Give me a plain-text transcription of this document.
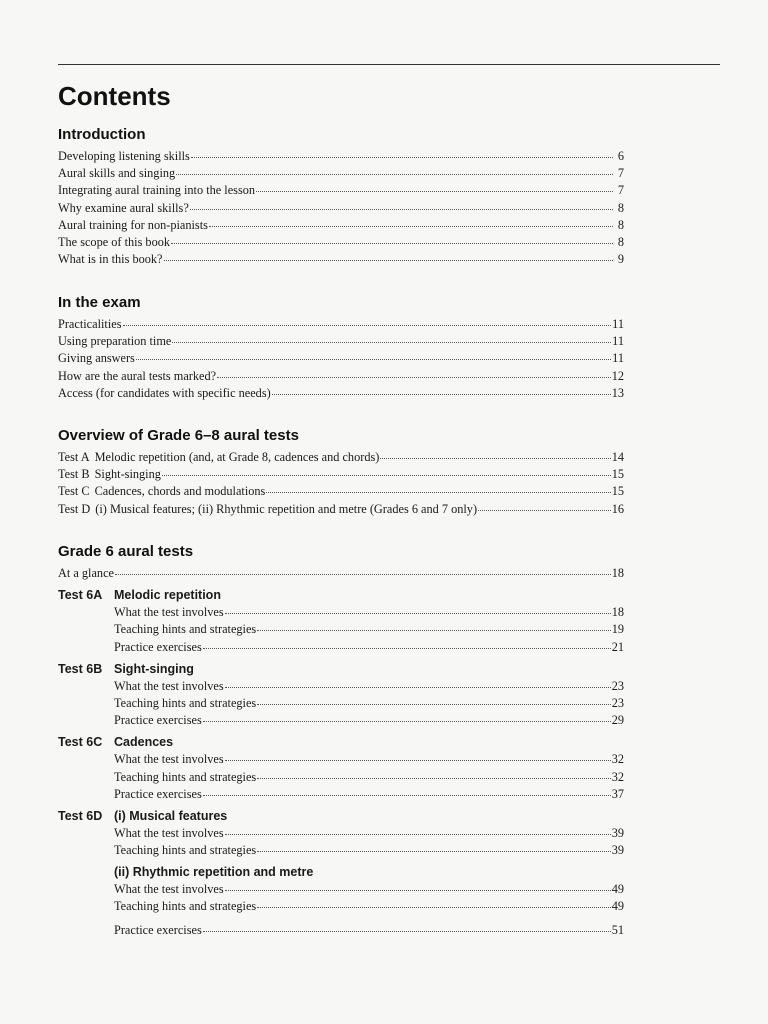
Contents
Introduction
Developing listening skills	6
Aural skills and singing	7
Integrating aural training into the lesson	7
Why examine aural skills?	8
Aural training for non-pianists	8
The scope of this book	8
What is in this book?	9
In the exam
Practicalities	11
Using preparation time	11
Giving answers	11
How are the aural tests marked?	12
Access (for candidates with specific needs)	13
Overview of Grade 6–8 aural tests
Test A Melodic repetition (and, at Grade 8, cadences and chords)	14
Test B Sight-singing	15
Test C Cadences, chords and modulations	15
Test D (i) Musical features; (ii) Rhythmic repetition and metre (Grades 6 and 7 only)	16
Grade 6 aural tests
At a glance	18
Test 6A Melodic repetition
What the test involves	18
Teaching hints and strategies	19
Practice exercises	21
Test 6B Sight-singing
What the test involves	23
Teaching hints and strategies	23
Practice exercises	29
Test 6C Cadences
What the test involves	32
Teaching hints and strategies	32
Practice exercises	37
Test 6D (i) Musical features
What the test involves	39
Teaching hints and strategies	39
(ii) Rhythmic repetition and metre
What the test involves	49
Teaching hints and strategies	49
Practice exercises	51
